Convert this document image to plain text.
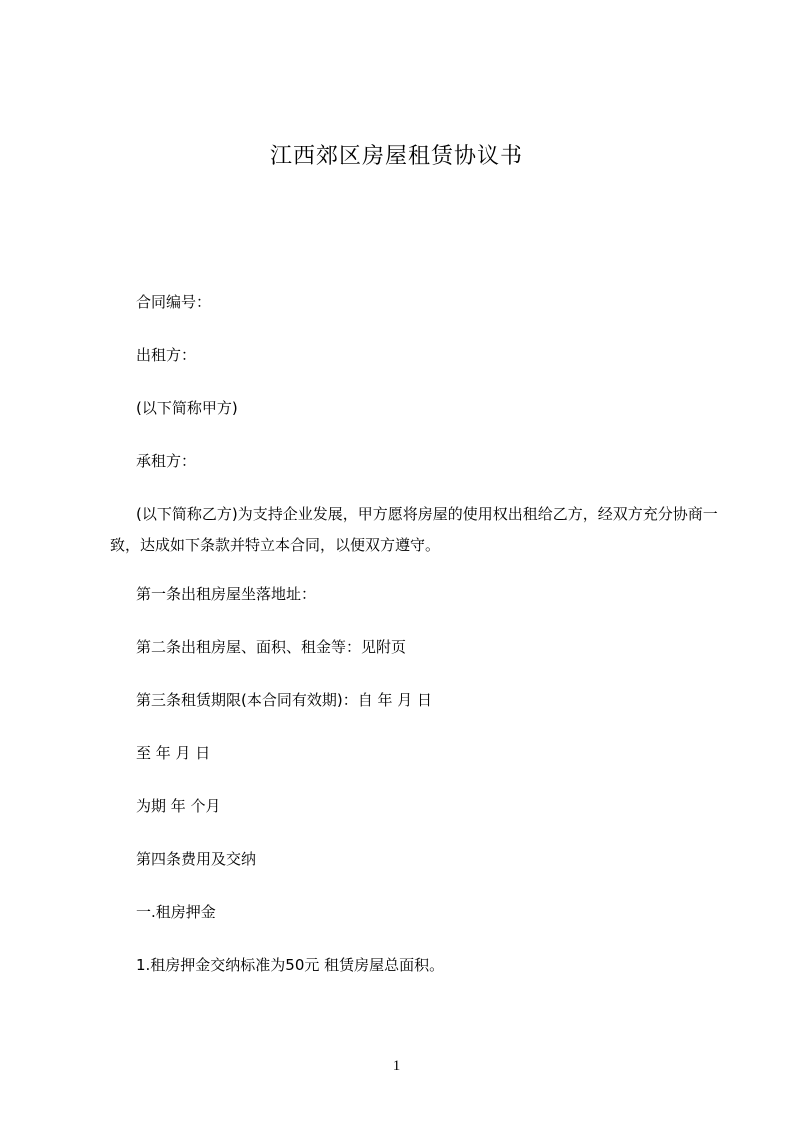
江西郊区房屋租赁协议书
合同编号：
出租方：
(以下简称甲方)
承租方：
(以下简称乙方)为支持企业发展，甲方愿将房屋的使用权出租给乙方，经双方充分协商一致，达成如下条款并特立本合同，以便双方遵守。
第一条出租房屋坐落地址：
第二条出租房屋、面积、租金等：见附页
第三条租赁期限(本合同有效期)：自 年 月 日
至 年 月 日
为期 年 个月
第四条费用及交纳
一.租房押金
1.租房押金交纳标准为50元 租赁房屋总面积。
1
